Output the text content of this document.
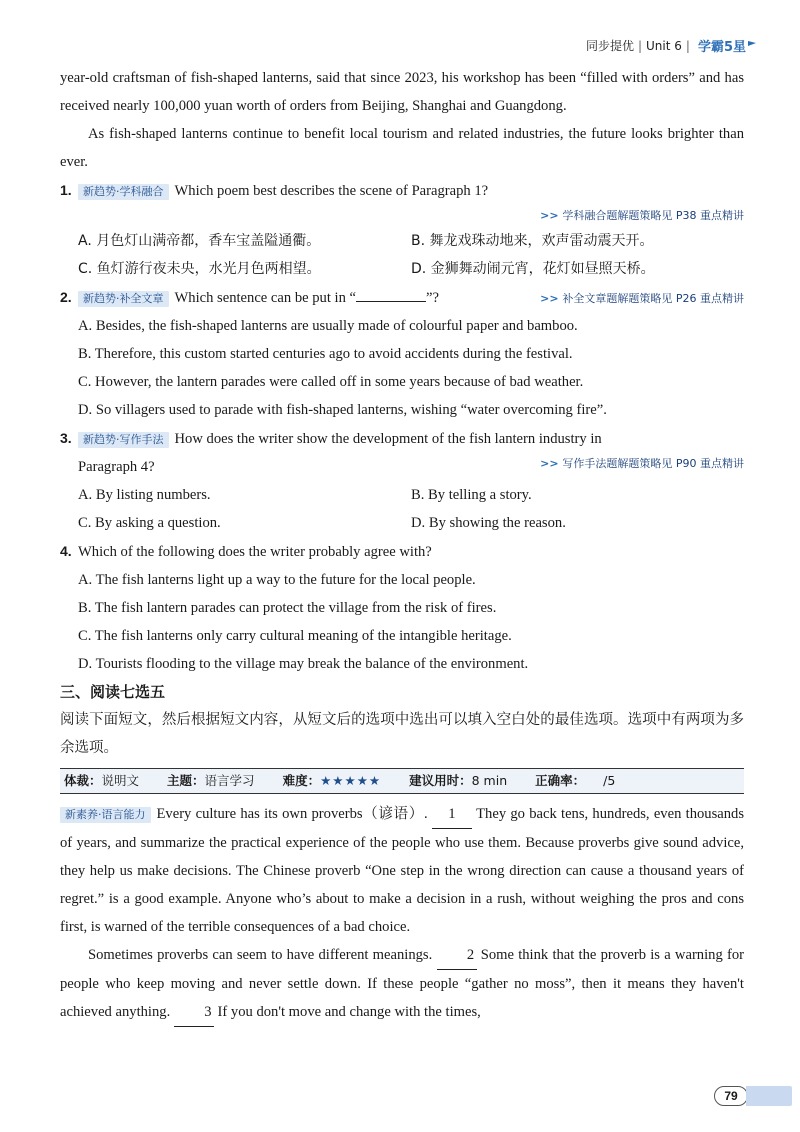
同步提优 | Unit 6 | 学霸5星

year-old craftsman of fish-shaped lanterns, said that since 2023, his workshop has been “filled with orders” and has received nearly 100,000 yuan worth of orders from Beijing, Shanghai and Guangdong.

As fish-shaped lanterns continue to benefit local tourism and related industries, the future looks brighter than ever.

1.	新趋势·学科融合 Which poem best describes the scene of Paragraph 1?
>> 学科融合题解题策略见 P38 重点精讲
A. 月色灯山满帝都，香车宝盖隘通衢。	B. 舞龙戏珠动地来，欢声雷动震天开。
C. 鱼灯游行夜未央，水光月色两相望。	D. 金狮舞动闹元宵，花灯如昼照天桥。
2.	新趋势·补全文章 Which sentence can be put in “	”?	>> 补全文章题解题策略见 P26 重点精讲

A. Besides, the fish-shaped lanterns are usually made of colourful paper and bamboo.

B. Therefore, this custom started centuries ago to avoid accidents during the festival.

C. However, the lantern parades were called off in some years because of bad weather.

D. So villagers used to parade with fish-shaped lanterns, wishing “water overcoming fire”.

3.	新趋势·写作手法 How does the writer show the development of the fish lantern industry in
Paragraph 4?	>> 写作手法题解题策略见 P90 重点精讲
A. By listing numbers.	B. By telling a story.
C. By asking a question.	D. By showing the reason.
4. Which of the following does the writer probably agree with?

A. The fish lanterns light up a way to the future for the local people.

B. The fish lantern parades can protect the village from the risk of fires.

C. The fish lanterns only carry cultural meaning of the intangible heritage.

D. Tourists flooding to the village may break the balance of the environment.

三、阅读七选五

阅读下面短文，然后根据短文内容，从短文后的选项中选出可以填入空白处的最佳选项。选项中有两项为多余选项。

体裁：说明文 主题：语言学习 难度：★★★★★ 建议用时：8 min 正确率： /5

新素养·语言能力 Every culture has its own proverbs（谚语）. 1 They go back tens, hundreds, even thousands of years, and summarize the practical experience of the people who use them. Because proverbs give sound advice, they help us make decisions. The Chinese proverb “One step in the wrong direction can cause a thousand years of regret.” is a good example. Anyone who’s about to make a decision in a rush, without weighing the pros and cons first, is warned of the terrible consequences of a bad choice.

Sometimes proverbs can seem to have different meanings. 2 Some think that the proverb is a warning for people who keep moving and never settle down. If these people “gather no moss”, then it means they haven't achieved anything. 3 If you don't move and change with the times,

79
